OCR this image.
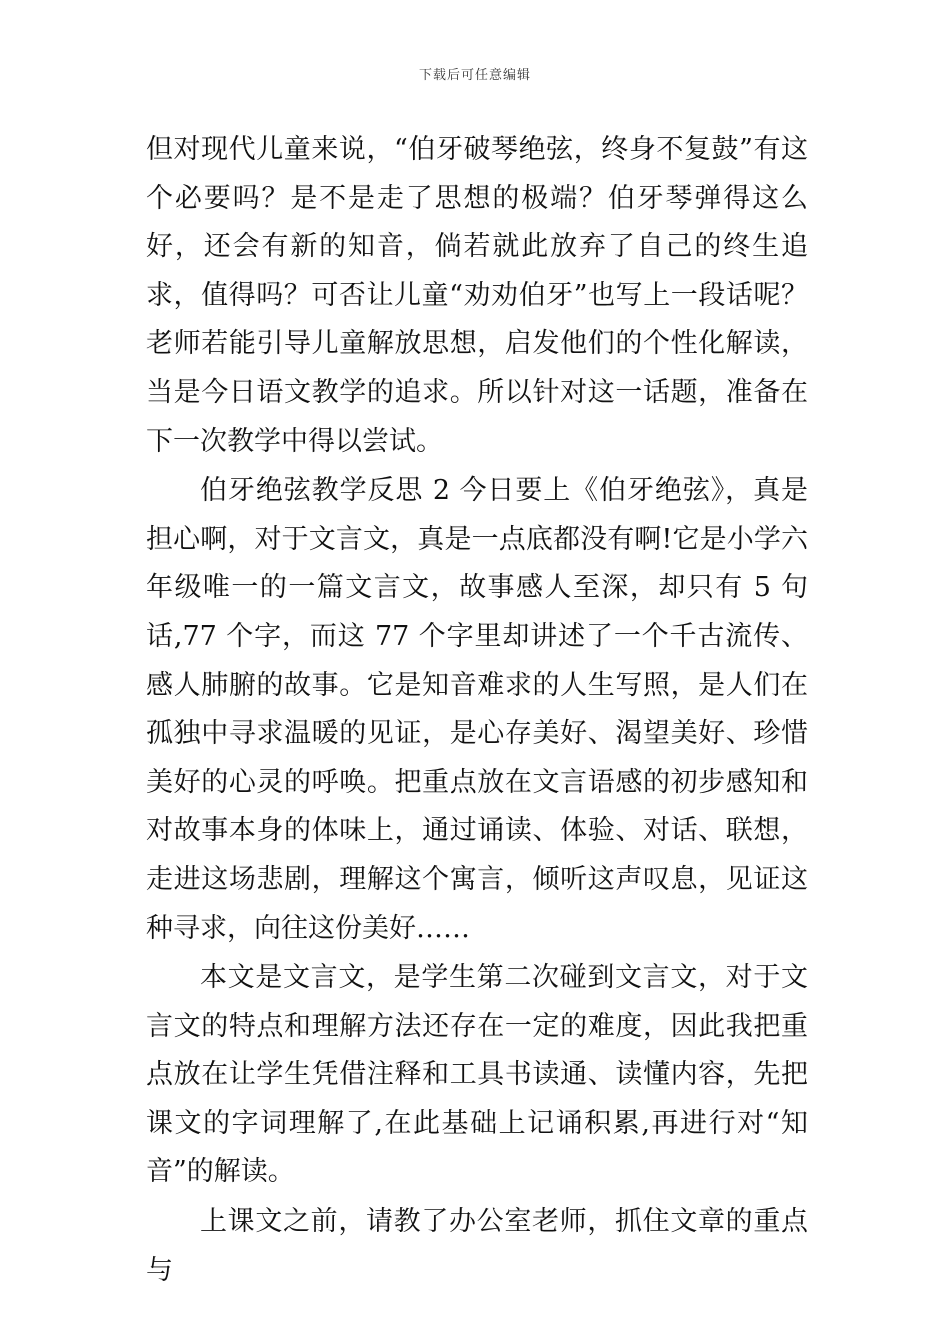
下载后可任意编辑

但对现代儿童来说，“伯牙破琴绝弦，终身不复鼓”有这个必要吗？是不是走了思想的极端？伯牙琴弹得这么好，还会有新的知音，倘若就此放弃了自己的终生追求，值得吗？可否让儿童“劝劝伯牙”也写上一段话呢？老师若能引导儿童解放思想，启发他们的个性化解读，当是今日语文教学的追求。所以针对这一话题，准备在下一次教学中得以尝试。

伯牙绝弦教学反思 2 今日要上《伯牙绝弦》，真是担心啊，对于文言文，真是一点底都没有啊!它是小学六年级唯一的一篇文言文，故事感人至深，却只有 5 句话,77 个字，而这 77 个字里却讲述了一个千古流传、感人肺腑的故事。它是知音难求的人生写照，是人们在孤独中寻求温暖的见证，是心存美好、渴望美好、珍惜美好的心灵的呼唤。把重点放在文言语感的初步感知和对故事本身的体味上，通过诵读、体验、对话、联想，走进这场悲剧，理解这个寓言，倾听这声叹息，见证这种寻求，向往这份美好……

本文是文言文，是学生第二次碰到文言文，对于文言文的特点和理解方法还存在一定的难度，因此我把重点放在让学生凭借注释和工具书读通、读懂内容，先把课文的字词理解了,在此基础上记诵积累,再进行对“知音”的解读。

上课文之前，请教了办公室老师，抓住文章的重点与
